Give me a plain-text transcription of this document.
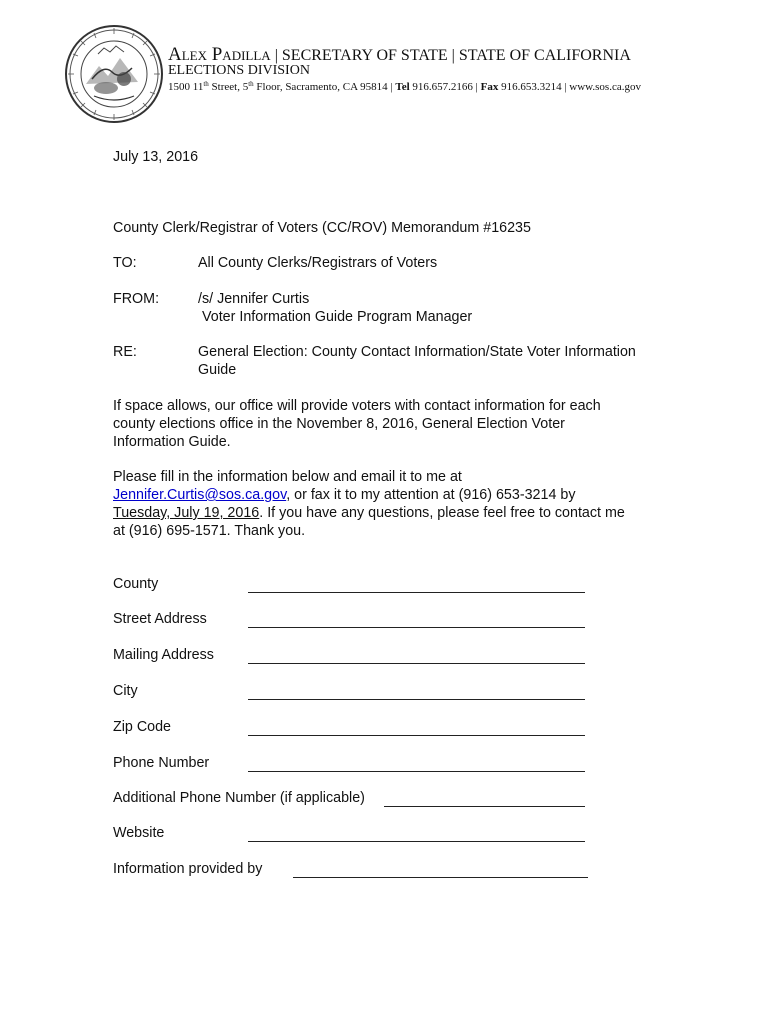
Alex Padilla | SECRETARY OF STATE | STATE OF CALIFORNIA
ELECTIONS DIVISION
1500 11th Street, 5th Floor, Sacramento, CA 95814 | Tel 916.657.2166 | Fax 916.653.3214 | www.sos.ca.gov
July 13, 2016
County Clerk/Registrar of Voters (CC/ROV) Memorandum #16235
TO:	All County Clerks/Registrars of Voters
FROM:	/s/ Jennifer Curtis
Voter Information Guide Program Manager
RE:	General Election: County Contact Information/State Voter Information
Guide
If space allows, our office will provide voters with contact information for each
county elections office in the November 8, 2016, General Election Voter
Information Guide.
Please fill in the information below and email it to me at
Jennifer.Curtis@sos.ca.gov, or fax it to my attention at (916) 653-3214 by
Tuesday, July 19, 2016. If you have any questions, please feel free to contact me
at (916) 695-1571. Thank you.
County
Street Address
Mailing Address
City
Zip Code
Phone Number
Additional Phone Number (if applicable)
Website
Information provided by
